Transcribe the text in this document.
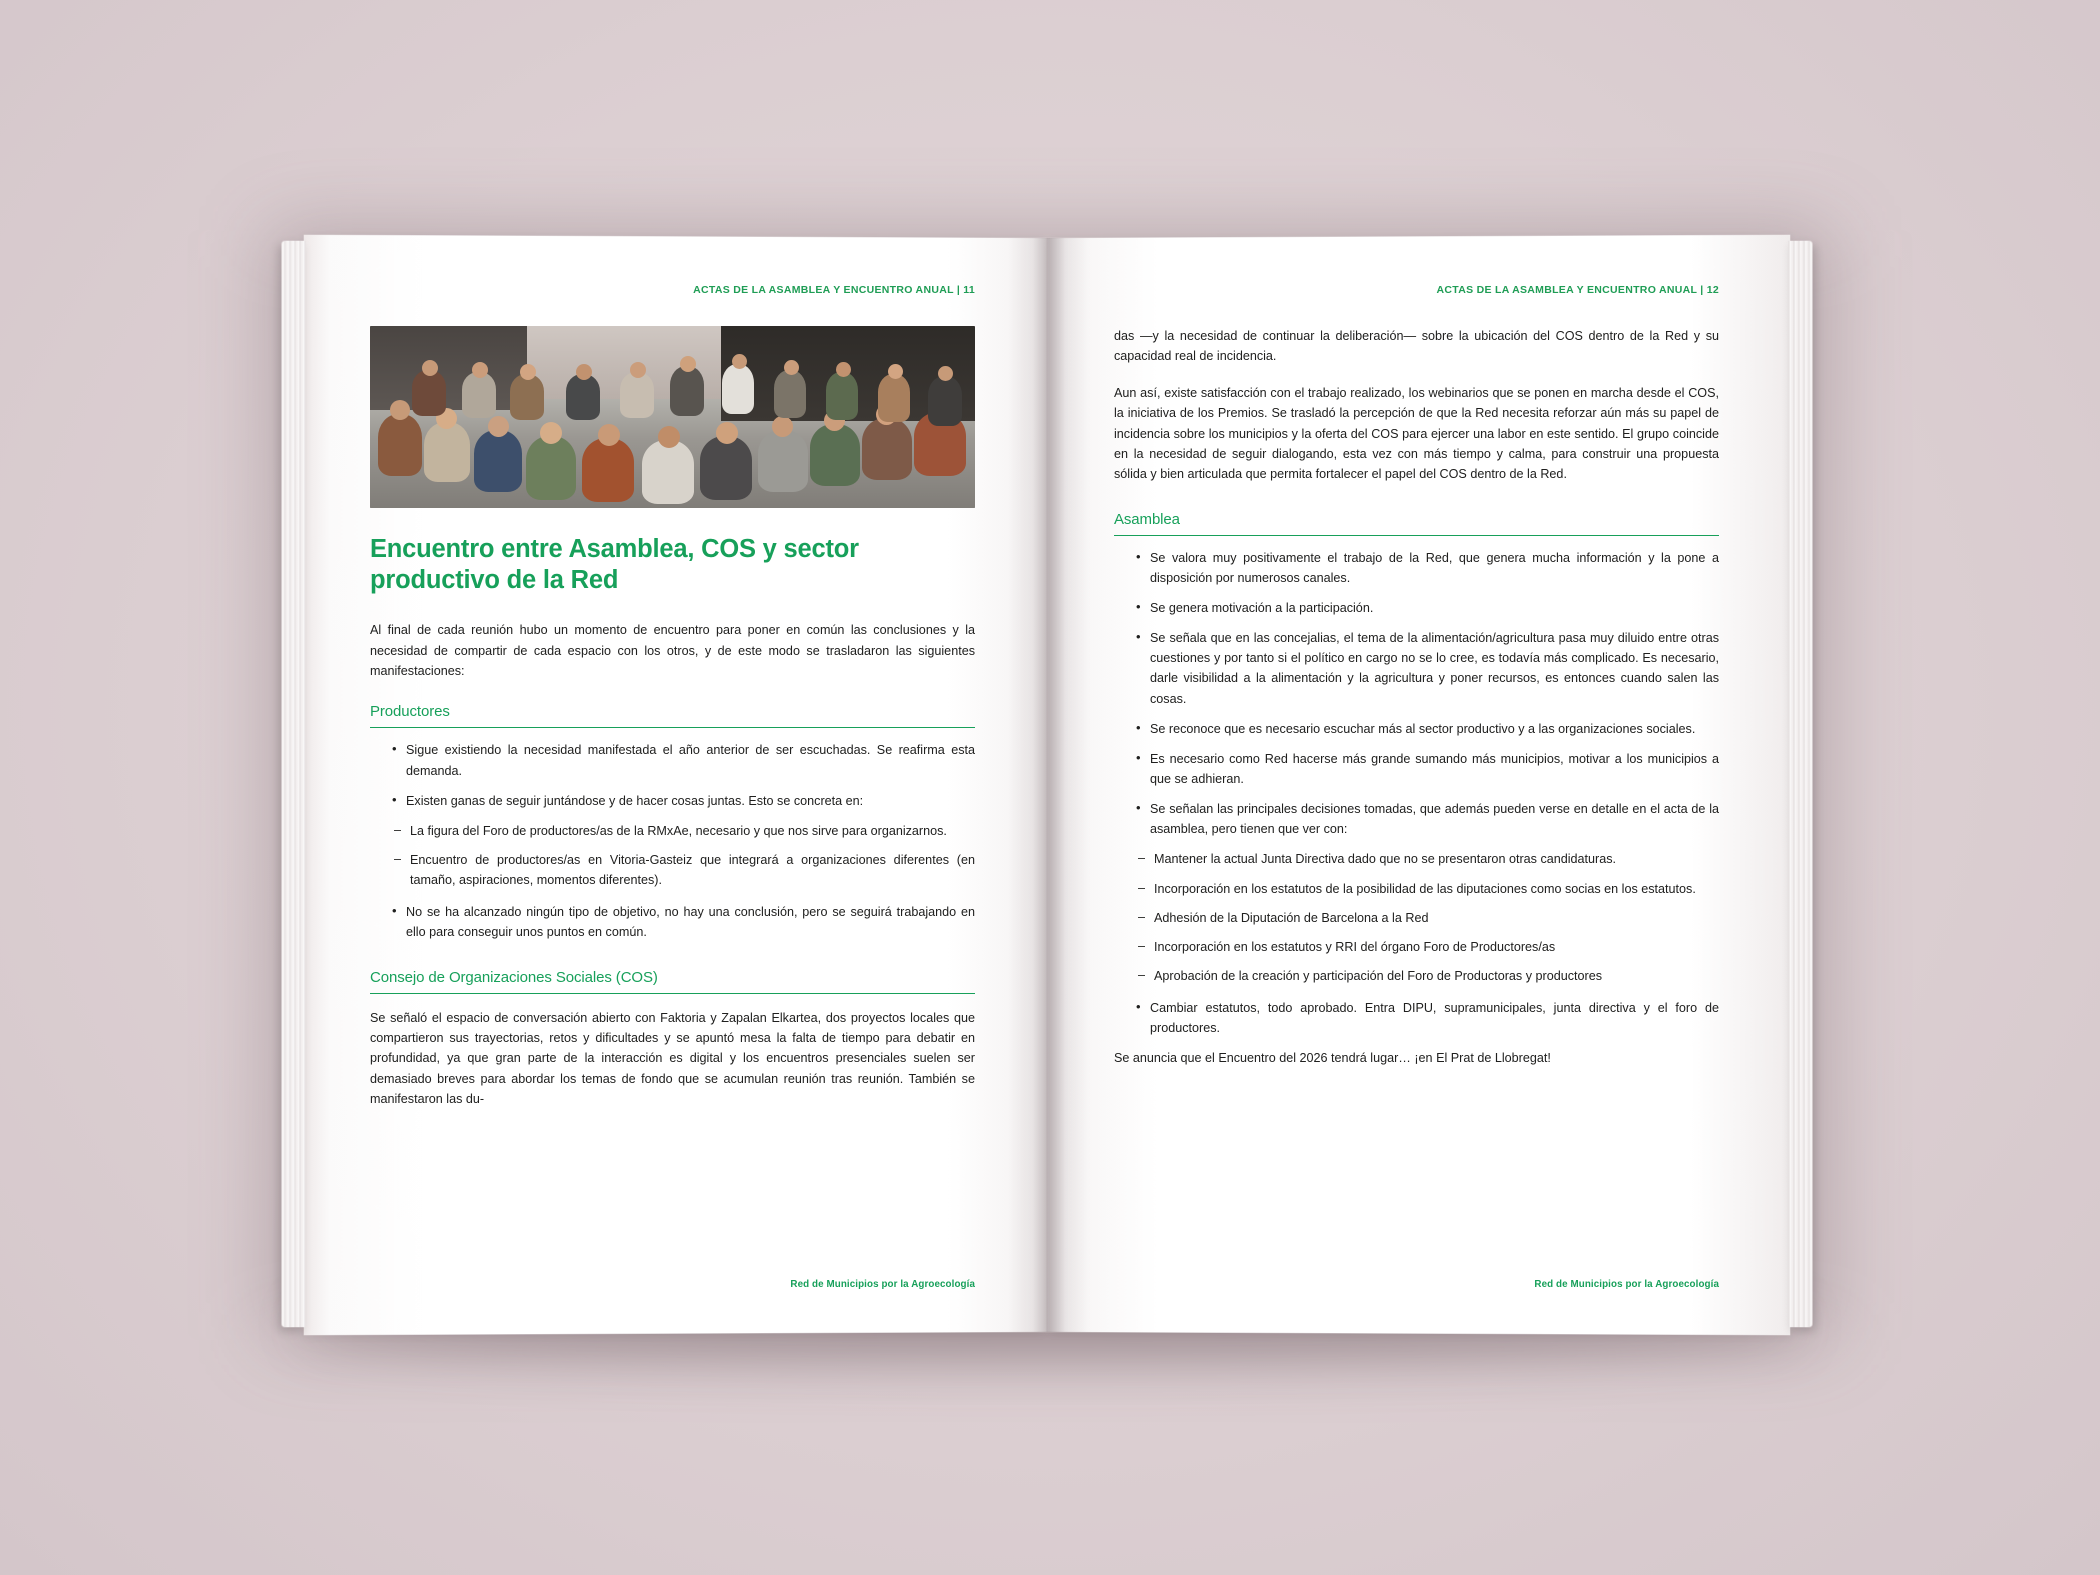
ACTAS DE LA ASAMBLEA Y ENCUENTRO ANUAL | 11
Encuentro entre Asamblea, COS y sector productivo de la Red

Al final de cada reunión hubo un momento de encuentro para poner en común las conclusiones y la necesidad de compartir de cada espacio con los otros, y de este modo se trasladaron las siguientes manifestaciones:

Productores
• Sigue existiendo la necesidad manifestada el año anterior de ser escuchadas. Se reafirma esta demanda.
• Existen ganas de seguir juntándose y de hacer cosas juntas. Esto se concreta en:
– La figura del Foro de productores/as de la RMxAe, necesario y que nos sirve para organizarnos.
– Encuentro de productores/as en Vitoria-Gasteiz que integrará a organizaciones diferentes (en tamaño, aspiraciones, momentos diferentes).
• No se ha alcanzado ningún tipo de objetivo, no hay una conclusión, pero se seguirá trabajando en ello para conseguir unos puntos en común.
Consejo de Organizaciones Sociales (COS)

Se señaló el espacio de conversación abierto con Faktoria y Zapalan Elkartea, dos proyectos locales que compartieron sus trayectorias, retos y dificultades y se apuntó mesa la falta de tiempo para debatir en profundidad, ya que gran parte de la interacción es digital y los encuentros presenciales suelen ser demasiado breves para abordar los temas de fondo que se acumulan reunión tras reunión. También se manifestaron las du-

Red de Municipios por la Agroecología
ACTAS DE LA ASAMBLEA Y ENCUENTRO ANUAL | 12

das —y la necesidad de continuar la deliberación— sobre la ubicación del COS dentro de la Red y su capacidad real de incidencia.

Aun así, existe satisfacción con el trabajo realizado, los webinarios que se ponen en marcha desde el COS, la iniciativa de los Premios. Se trasladó la percepción de que la Red necesita reforzar aún más su papel de incidencia sobre los municipios y la oferta del COS para ejercer una labor en este sentido. El grupo coincide en la necesidad de seguir dialogando, esta vez con más tiempo y calma, para construir una propuesta sólida y bien articulada que permita fortalecer el papel del COS dentro de la Red.

Asamblea
• Se valora muy positivamente el trabajo de la Red, que genera mucha información y la pone a disposición por numerosos canales.
• Se genera motivación a la participación.
• Se señala que en las concejalias, el tema de la alimentación/agricultura pasa muy diluido entre otras cuestiones y por tanto si el político en cargo no se lo cree, es todavía más complicado. Es necesario, darle visibilidad a la alimentación y la agricultura y poner recursos, es entonces cuando salen las cosas.
• Se reconoce que es necesario escuchar más al sector productivo y a las organizaciones sociales.
• Es necesario como Red hacerse más grande sumando más municipios, motivar a los municipios a que se adhieran.
• Se señalan las principales decisiones tomadas, que además pueden verse en detalle en el acta de la asamblea, pero tienen que ver con:
– Mantener la actual Junta Directiva dado que no se presentaron otras candidaturas.
– Incorporación en los estatutos de la posibilidad de las diputaciones como socias en los estatutos.
– Adhesión de la Diputación de Barcelona a la Red
– Incorporación en los estatutos y RRI del órgano Foro de Productores/as
– Aprobación de la creación y participación del Foro de Productoras y productores
• Cambiar estatutos, todo aprobado. Entra DIPU, supramunicipales, junta directiva y el foro de productores.

Se anuncia que el Encuentro del 2026 tendrá lugar… ¡en El Prat de Llobregat!

Red de Municipios por la Agroecología
